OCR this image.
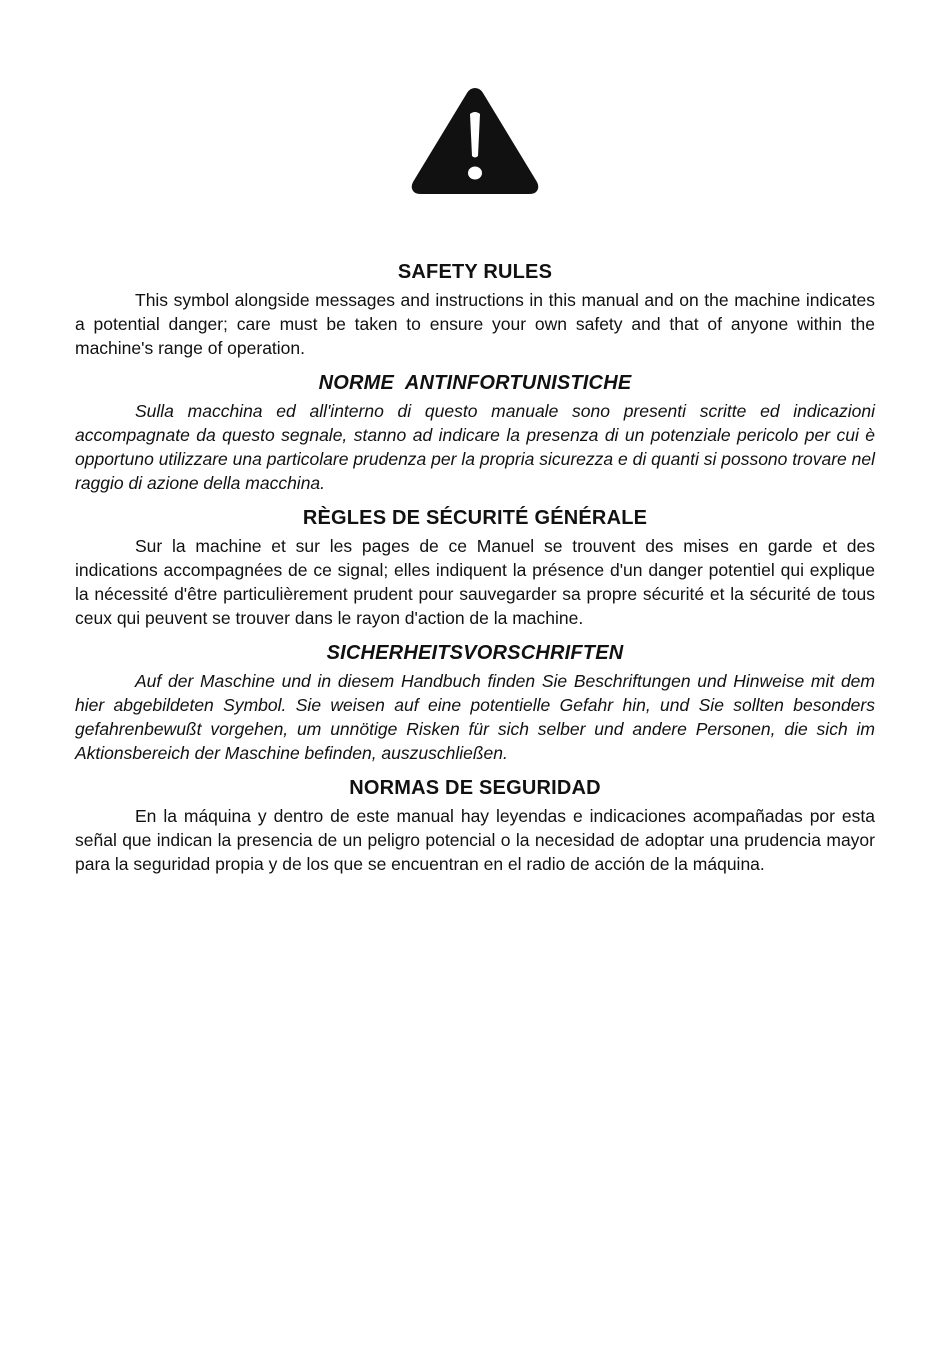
SAFETY RULES

This symbol alongside messages and instructions in this manual and on the machine indicates a potential danger; care must be taken to ensure your own safety and that of anyone within the machine's range of operation.

NORME  ANTINFORTUNISTICHE

Sulla macchina ed all'interno di questo manuale sono presenti scritte ed indicazioni accompagnate da questo segnale, stanno ad indicare la presenza di un potenziale pericolo per cui è opportuno utilizzare una particolare prudenza per la propria sicurezza e di quanti si possono trovare nel raggio di azione della macchina.

RÈGLES DE SÉCURITÉ GÉNÉRALE

Sur la machine et sur les pages de ce Manuel se trouvent des mises en garde et des indications accompagnées de ce signal; elles indiquent la présence d'un danger potentiel qui explique la nécessité d'être particulièrement prudent pour sauvegarder sa propre sécurité et la sécurité de tous ceux qui peuvent se trouver dans le rayon d'action de la machine.

SICHERHEITSVORSCHRIFTEN

Auf der Maschine und in diesem Handbuch finden Sie Beschriftungen und Hinweise mit dem hier abgebildeten Symbol. Sie weisen auf eine potentielle Gefahr hin, und Sie sollten besonders gefahrenbewußt vorgehen, um unnötige Risken für sich selber und andere Personen, die sich im Aktionsbereich der Maschine befinden, auszuschließen.

NORMAS DE SEGURIDAD

En la máquina y dentro de este manual hay leyendas e indicaciones acompañadas por esta señal que indican la presencia de un peligro potencial o la necesidad de adoptar una prudencia mayor para la seguridad propia y de los que se encuentran en el radio de acción de la máquina.
